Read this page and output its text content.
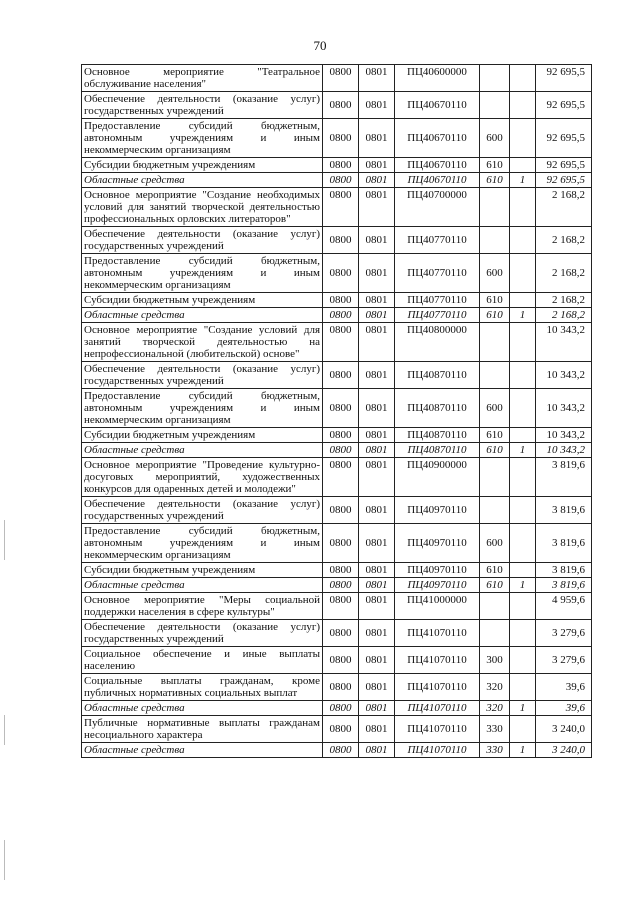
70
Основное мероприятие "Театральное обслуживание населения"	0800	0801	ПЦ40600000			92 695,5
Обеспечение деятельности (оказание услуг) государственных учреждений	0800	0801	ПЦ40670110			92 695,5
Предоставление субсидий бюджетным, автономным учреждениям и иным некоммерческим организациям	0800	0801	ПЦ40670110	600		92 695,5
Субсидии бюджетным учреждениям	0800	0801	ПЦ40670110	610		92 695,5
Областные средства	0800	0801	ПЦ40670110	610	1	92 695,5
Основное мероприятие "Создание необходимых условий для занятий творческой деятельностью профессиональных орловских литераторов"	0800	0801	ПЦ40700000			2 168,2
Обеспечение деятельности (оказание услуг) государственных учреждений	0800	0801	ПЦ40770110			2 168,2
Предоставление субсидий бюджетным, автономным учреждениям и иным некоммерческим организациям	0800	0801	ПЦ40770110	600		2 168,2
Субсидии бюджетным учреждениям	0800	0801	ПЦ40770110	610		2 168,2
Областные средства	0800	0801	ПЦ40770110	610	1	2 168,2
Основное мероприятие "Создание условий для занятий творческой деятельностью на непрофессиональной (любительской) основе"	0800	0801	ПЦ40800000			10 343,2
Обеспечение деятельности (оказание услуг) государственных учреждений	0800	0801	ПЦ40870110			10 343,2
Предоставление субсидий бюджетным, автономным учреждениям и иным некоммерческим организациям	0800	0801	ПЦ40870110	600		10 343,2
Субсидии бюджетным учреждениям	0800	0801	ПЦ40870110	610		10 343,2
Областные средства	0800	0801	ПЦ40870110	610	1	10 343,2
Основное мероприятие "Проведение культурно-досуговых мероприятий, художественных конкурсов для одаренных детей и молодежи"	0800	0801	ПЦ40900000			3 819,6
Обеспечение деятельности (оказание услуг) государственных учреждений	0800	0801	ПЦ40970110			3 819,6
Предоставление субсидий бюджетным, автономным учреждениям и иным некоммерческим организациям	0800	0801	ПЦ40970110	600		3 819,6
Субсидии бюджетным учреждениям	0800	0801	ПЦ40970110	610		3 819,6
Областные средства	0800	0801	ПЦ40970110	610	1	3 819,6
Основное мероприятие "Меры социальной поддержки населения в сфере культуры"	0800	0801	ПЦ41000000			4 959,6
Обеспечение деятельности (оказание услуг) государственных учреждений	0800	0801	ПЦ41070110			3 279,6
Социальное обеспечение и иные выплаты населению	0800	0801	ПЦ41070110	300		3 279,6
Социальные выплаты гражданам, кроме публичных нормативных социальных выплат	0800	0801	ПЦ41070110	320		39,6
Областные средства	0800	0801	ПЦ41070110	320	1	39,6
Публичные нормативные выплаты гражданам несоциального характера	0800	0801	ПЦ41070110	330		3 240,0
Областные средства	0800	0801	ПЦ41070110	330	1	3 240,0
